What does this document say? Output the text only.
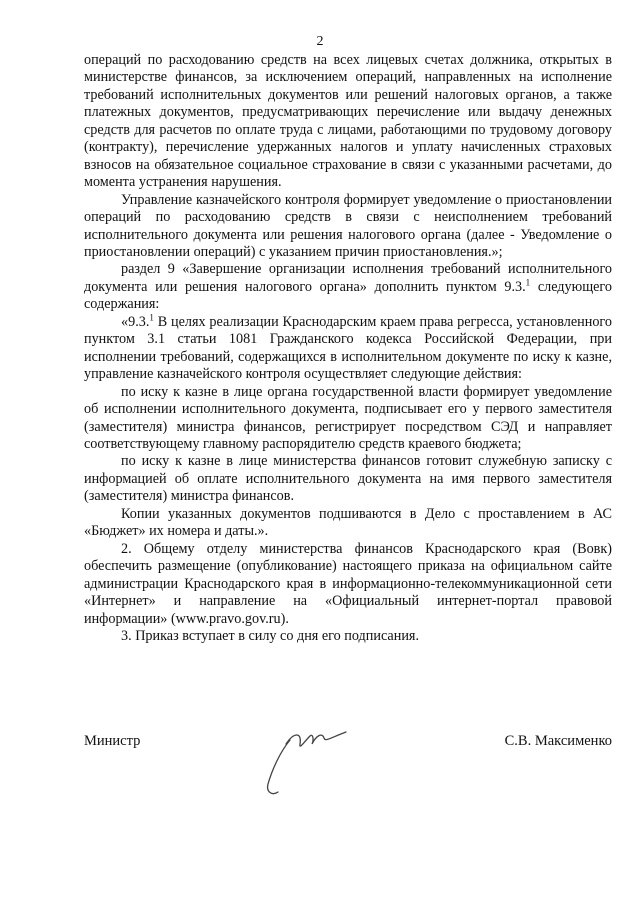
2

операций по расходованию средств на всех лицевых счетах должника, открытых в министерстве финансов, за исключением операций, направленных на исполнение требований исполнительных документов или решений налоговых органов, а также платежных документов, предусматривающих перечисление или выдачу денежных средств для расчетов по оплате труда с лицами, работающими по трудовому договору (контракту), перечисление удержанных налогов и уплату начисленных страховых взносов на обязательное социальное страхование в связи с указанными расчетами, до момента устранения нарушения.

Управление казначейского контроля формирует уведомление о приостановлении операций по расходованию средств в связи с неисполнением требований исполнительного документа или решения налогового органа (далее - Уведомление о приостановлении операций) с указанием причин приостановления.»;

раздел 9 «Завершение организации исполнения требований исполнительного документа или решения налогового органа» дополнить пунктом 9.3.$^1$ следующего содержания:

«9.3.$^1$ В целях реализации Краснодарским краем права регресса, установленного пунктом 3.1 статьи 1081 Гражданского кодекса Российской Федерации, при исполнении требований, содержащихся в исполнительном документе по иску к казне, управление казначейского контроля осуществляет следующие действия:

по иску к казне в лице органа государственной власти формирует уведомление об исполнении исполнительного документа, подписывает его у первого заместителя (заместителя) министра финансов, регистрирует посредством СЭД и направляет соответствующему главному распорядителю средств краевого бюджета;

по иску к казне в лице министерства финансов готовит служебную записку с информацией об оплате исполнительного документа на имя первого заместителя (заместителя) министра финансов.

Копии указанных документов подшиваются в Дело с проставлением в АС «Бюджет» их номера и даты.».

2. Общему отделу министерства финансов Краснодарского края (Вовк) обеспечить размещение (опубликование) настоящего приказа на официальном сайте администрации Краснодарского края в информационно-телекоммуникационной сети «Интернет» и направление на «Официальный интернет-портал правовой информации» (www.pravo.gov.ru).

3. Приказ вступает в силу со дня его подписания.

Министр	С.В. Максименко
